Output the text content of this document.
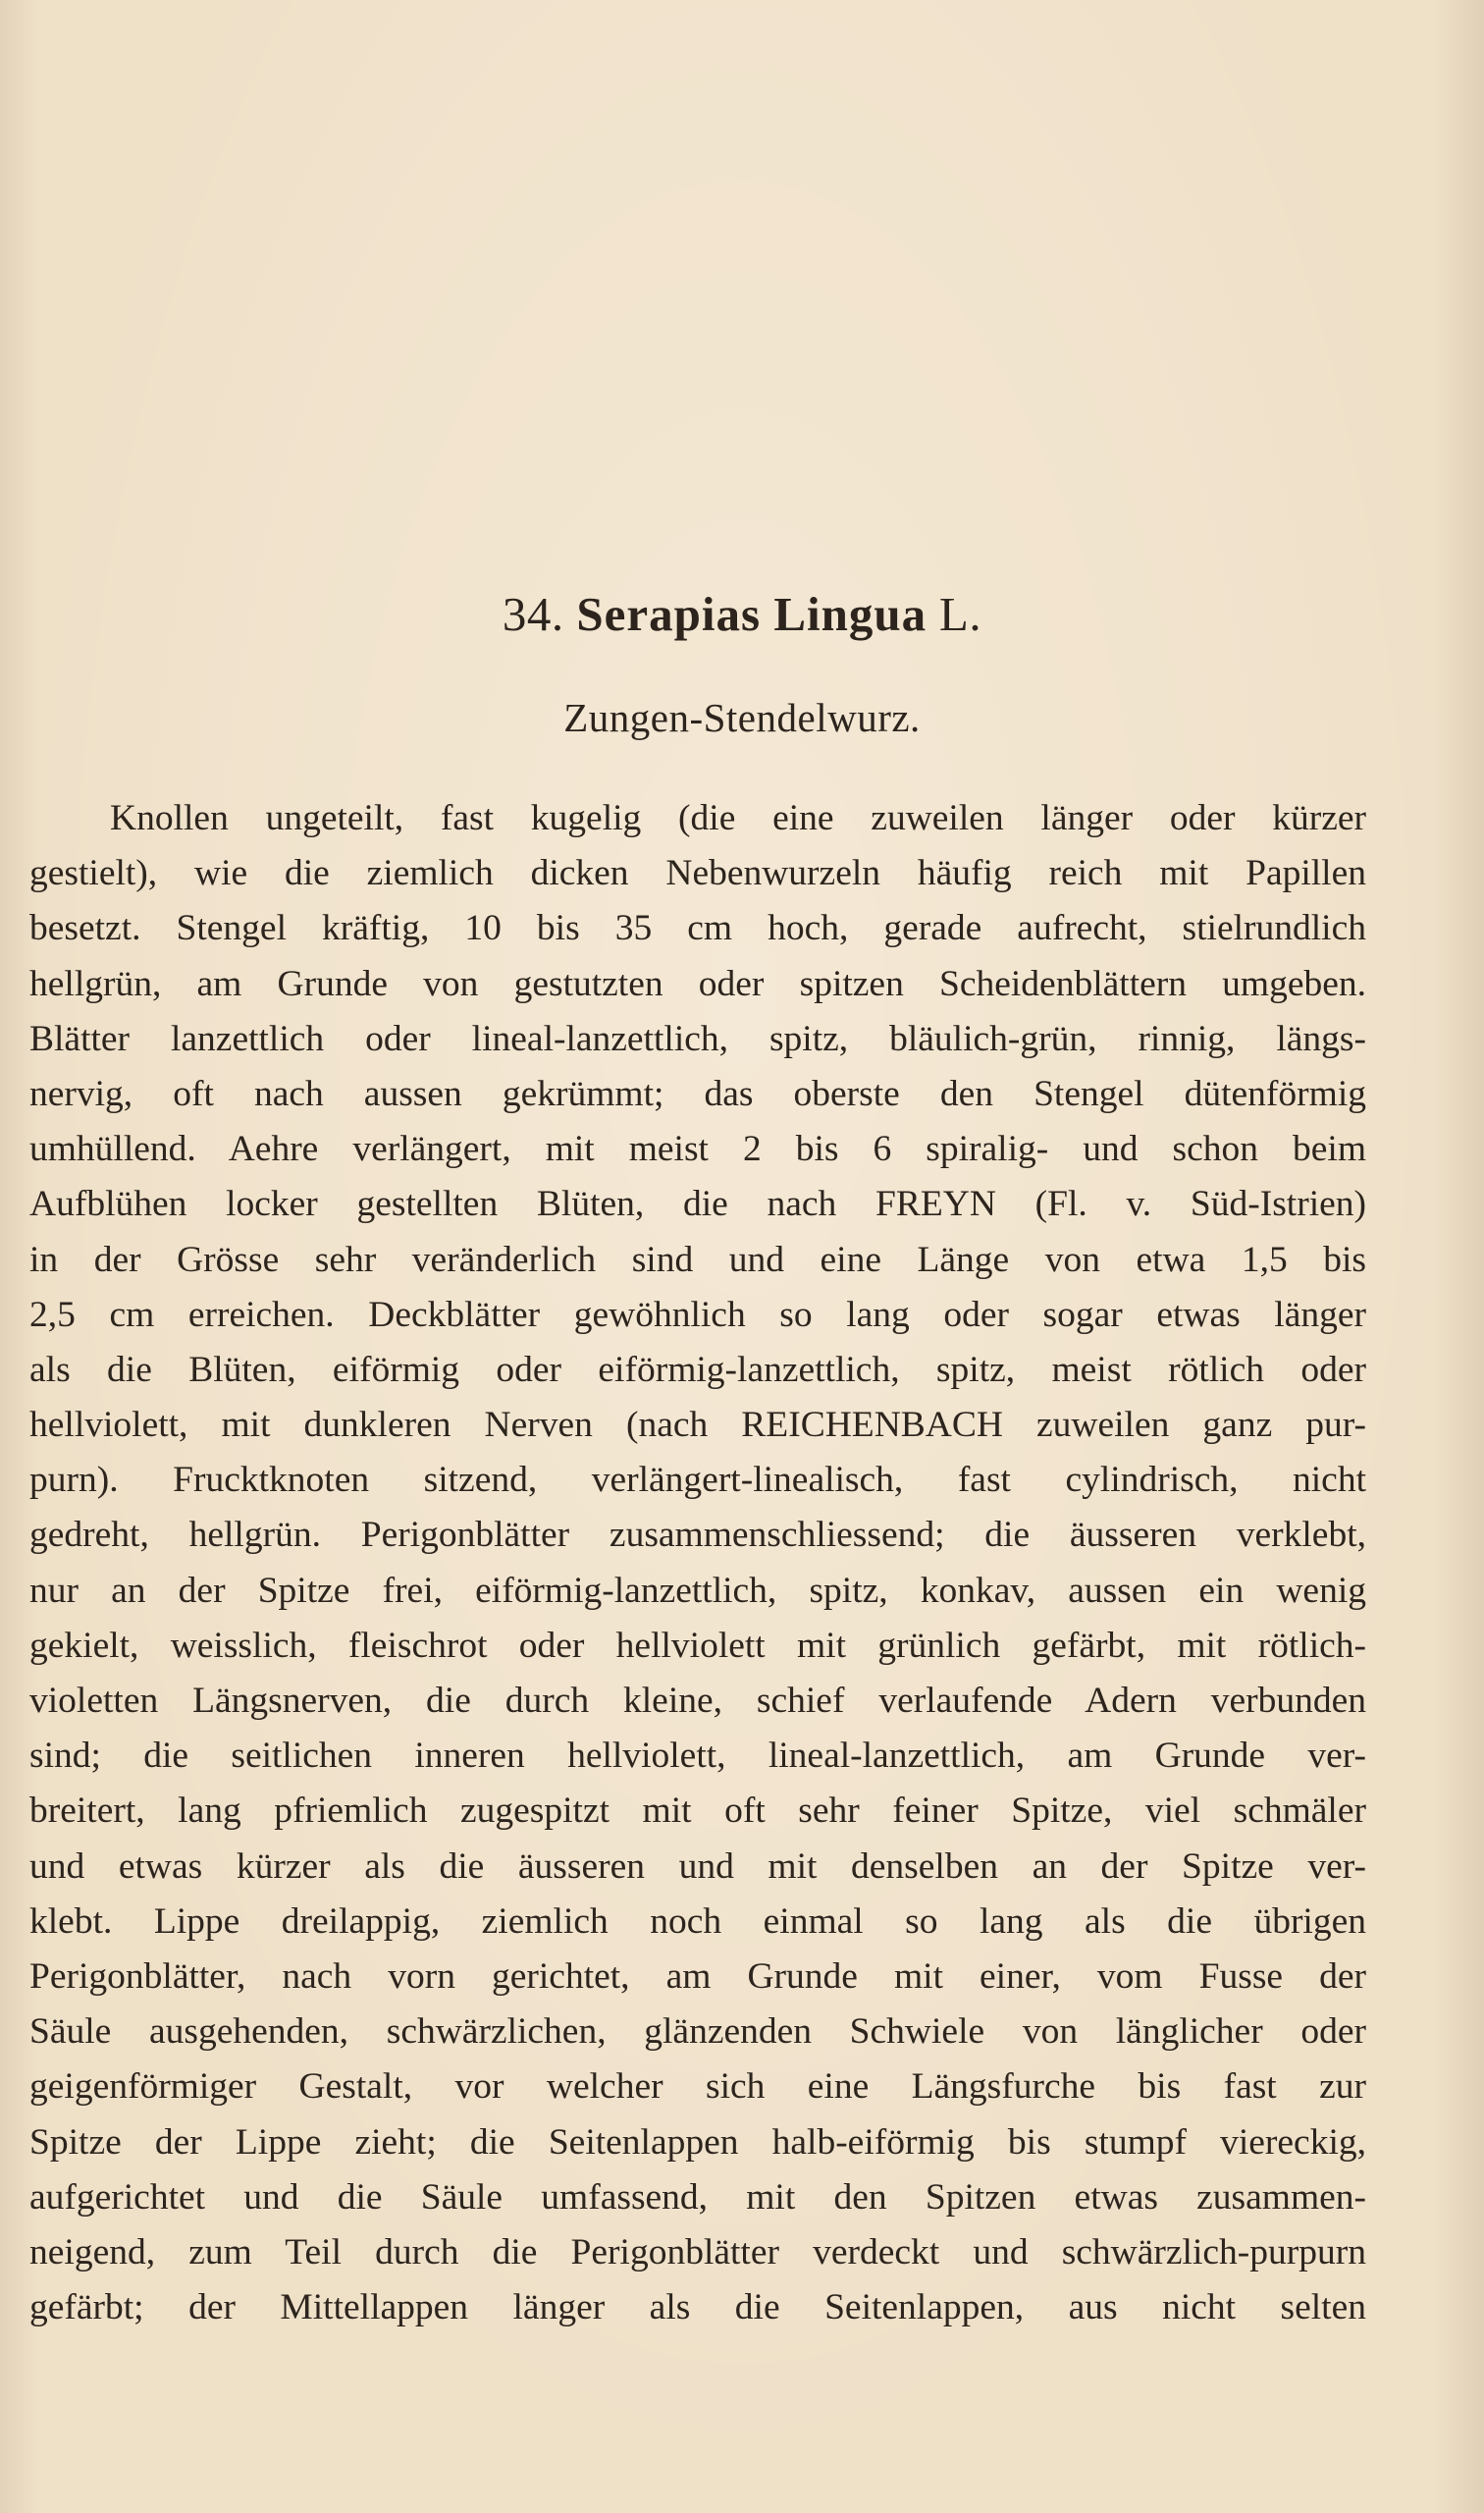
34. Serapias Lingua L.
Zungen-Stendelwurz.
Knollen ungeteilt, fast kugelig (die eine zuweilen länger oder kürzer
gestielt), wie die ziemlich dicken Nebenwurzeln häufig reich mit Papillen
besetzt. Stengel kräftig, 10 bis 35 cm hoch, gerade aufrecht, stielrundlich
hellgrün, am Grunde von gestutzten oder spitzen Scheidenblättern umgeben.
Blätter lanzettlich oder lineal-lanzettlich, spitz, bläulich-grün, rinnig, längs-
nervig, oft nach aussen gekrümmt; das oberste den Stengel dütenförmig
umhüllend. Aehre verlängert, mit meist 2 bis 6 spiralig- und schon beim
Aufblühen locker gestellten Blüten, die nach FREYN (Fl. v. Süd-Istrien)
in der Grösse sehr veränderlich sind und eine Länge von etwa 1,5 bis
2,5 cm erreichen. Deckblätter gewöhnlich so lang oder sogar etwas länger
als die Blüten, eiförmig oder eiförmig-lanzettlich, spitz, meist rötlich oder
hellviolett, mit dunkleren Nerven (nach REICHENBACH zuweilen ganz pur-
purn). Frucktknoten sitzend, verlängert-linealisch, fast cylindrisch, nicht
gedreht, hellgrün. Perigonblätter zusammenschliessend; die äusseren verklebt,
nur an der Spitze frei, eiförmig-lanzettlich, spitz, konkav, aussen ein wenig
gekielt, weisslich, fleischrot oder hellviolett mit grünlich gefärbt, mit rötlich-
violetten Längsnerven, die durch kleine, schief verlaufende Adern verbunden
sind; die seitlichen inneren hellviolett, lineal-lanzettlich, am Grunde ver-
breitert, lang pfriemlich zugespitzt mit oft sehr feiner Spitze, viel schmäler
und etwas kürzer als die äusseren und mit denselben an der Spitze ver-
klebt. Lippe dreilappig, ziemlich noch einmal so lang als die übrigen
Perigonblätter, nach vorn gerichtet, am Grunde mit einer, vom Fusse der
Säule ausgehenden, schwärzlichen, glänzenden Schwiele von länglicher oder
geigenförmiger Gestalt, vor welcher sich eine Längsfurche bis fast zur
Spitze der Lippe zieht; die Seitenlappen halb-eiförmig bis stumpf viereckig,
aufgerichtet und die Säule umfassend, mit den Spitzen etwas zusammen-
neigend, zum Teil durch die Perigonblätter verdeckt und schwärzlich-purpurn
gefärbt; der Mittellappen länger als die Seitenlappen, aus nicht selten
